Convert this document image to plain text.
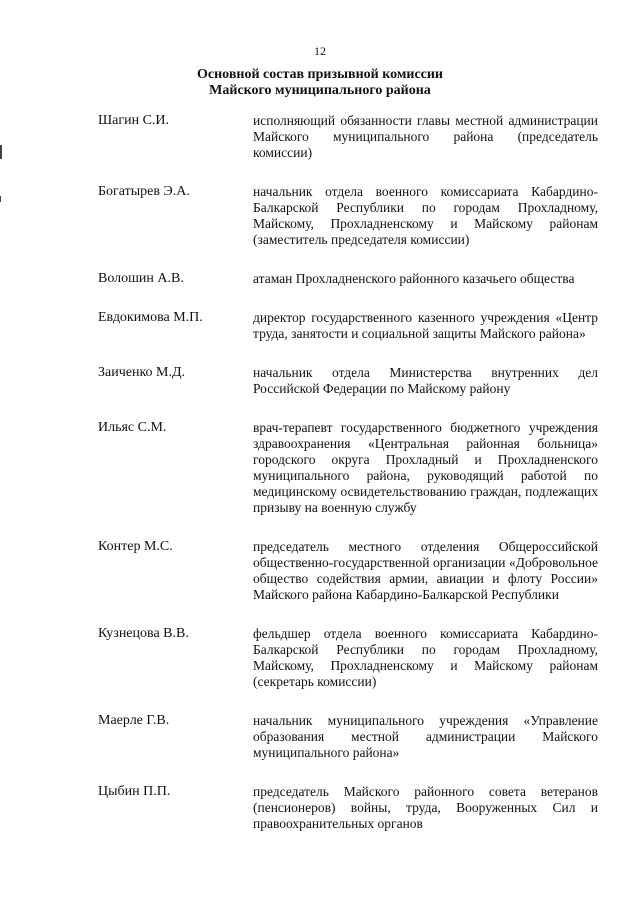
12
Основной состав призывной комиссии
Майского муниципального района
Шагин С.И.	исполняющий обязанности главы местной администрации Майского муниципального района (председатель комиссии)
Богатырев Э.А.	начальник отдела военного комиссариата Кабардино-Балкарской Республики по городам Прохладному, Майскому, Прохладненскому и Майскому районам (заместитель председателя комиссии)
Волошин А.В.	атаман Прохладненского районного казачьего общества
Евдокимова М.П.	директор государственного казенного учреждения «Центр труда, занятости и социальной защиты Майского района»
Заиченко М.Д.	начальник отдела Министерства внутренних дел Российской Федерации по Майскому району
Ильяс С.М.	врач-терапевт государственного бюджетного учреждения здравоохранения «Центральная районная больница» городского округа Прохладный и Прохладненского муниципального района, руководящий работой по медицинскому освидетельствованию граждан, подлежащих призыву на военную службу
Контер М.С.	председатель местного отделения Общероссийской общественно-государственной организации «Добровольное общество содействия армии, авиации и флоту России» Майского района Кабардино-Балкарской Республики
Кузнецова В.В.	фельдшер отдела военного комиссариата Кабардино-Балкарской Республики по городам Прохладному, Майскому, Прохладненскому и Майскому районам (секретарь комиссии)
Маерле Г.В.	начальник муниципального учреждения «Управление образования местной администрации Майского муниципального района»
Цыбин П.П.	председатель Майского районного совета ветеранов (пенсионеров) войны, труда, Вооруженных Сил и правоохранительных органов
